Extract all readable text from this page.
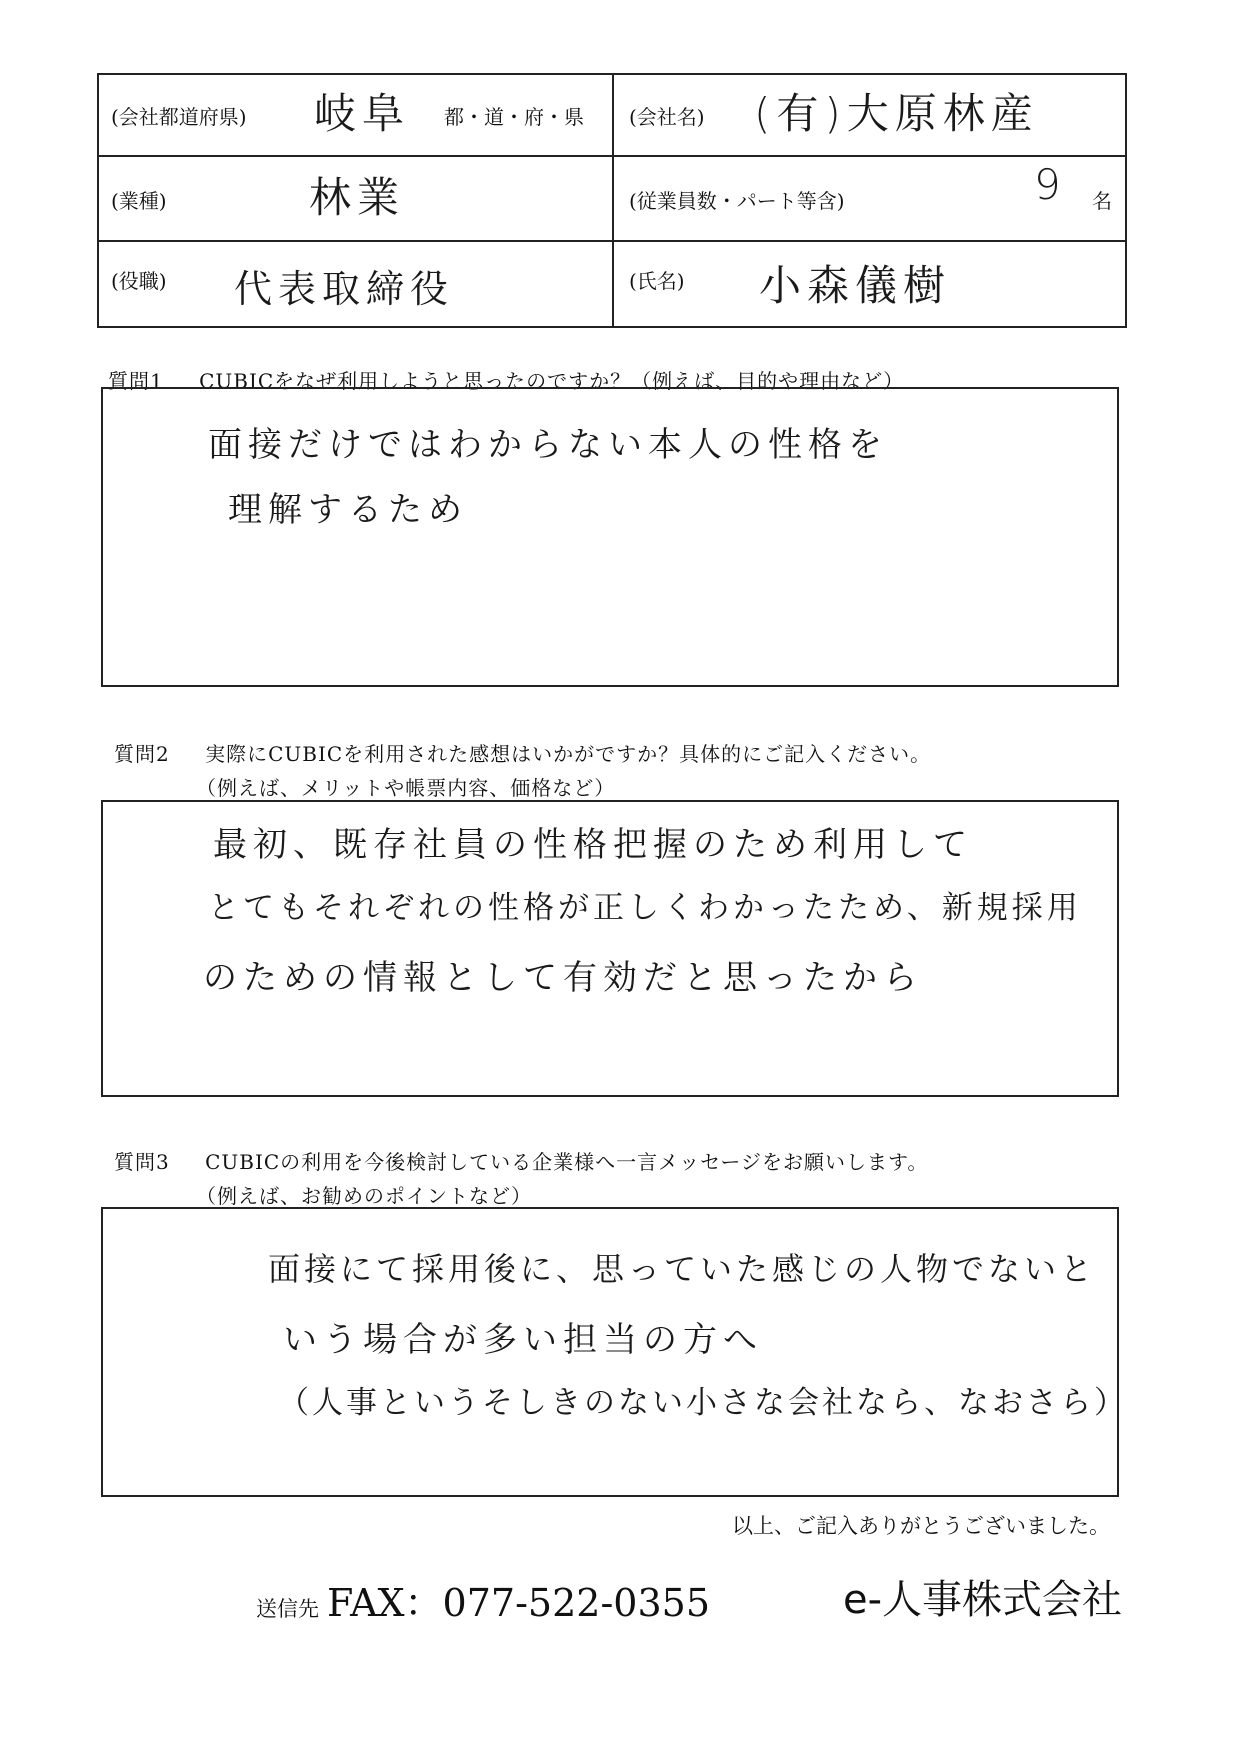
(会社都道府県) 岐阜 都・道・府・県 (会社名) (有)大原林産
(業種)	林業	(従業員数・パート等含)	9 名
(役職) 代表取締役	(氏名) 小森儀樹
質問1 CUBICをなぜ利用しようと思ったのですか？（例えば、目的や理由など）
面接だけではわからない本人の性格を
理解するため
質問2 実際にCUBICを利用された感想はいかがですか？具体的にご記入ください。
（例えば、メリットや帳票内容、価格など）
最初、既存社員の性格把握のため利用して
とてもそれぞれの性格が正しくわかったため、新規採用
のための情報として有効だと思ったから
質問3 CUBICの利用を今後検討している企業様へ一言メッセージをお願いします。
（例えば、お勧めのポイントなど）
面接にて採用後に、思っていた感じの人物でないと
いう場合が多い担当の方へ
（人事というそしきのない小さな会社なら、なおさら）
以上、ご記入ありがとうございました。
送信先 FAX：077-522-0355	e-人事株式会社
